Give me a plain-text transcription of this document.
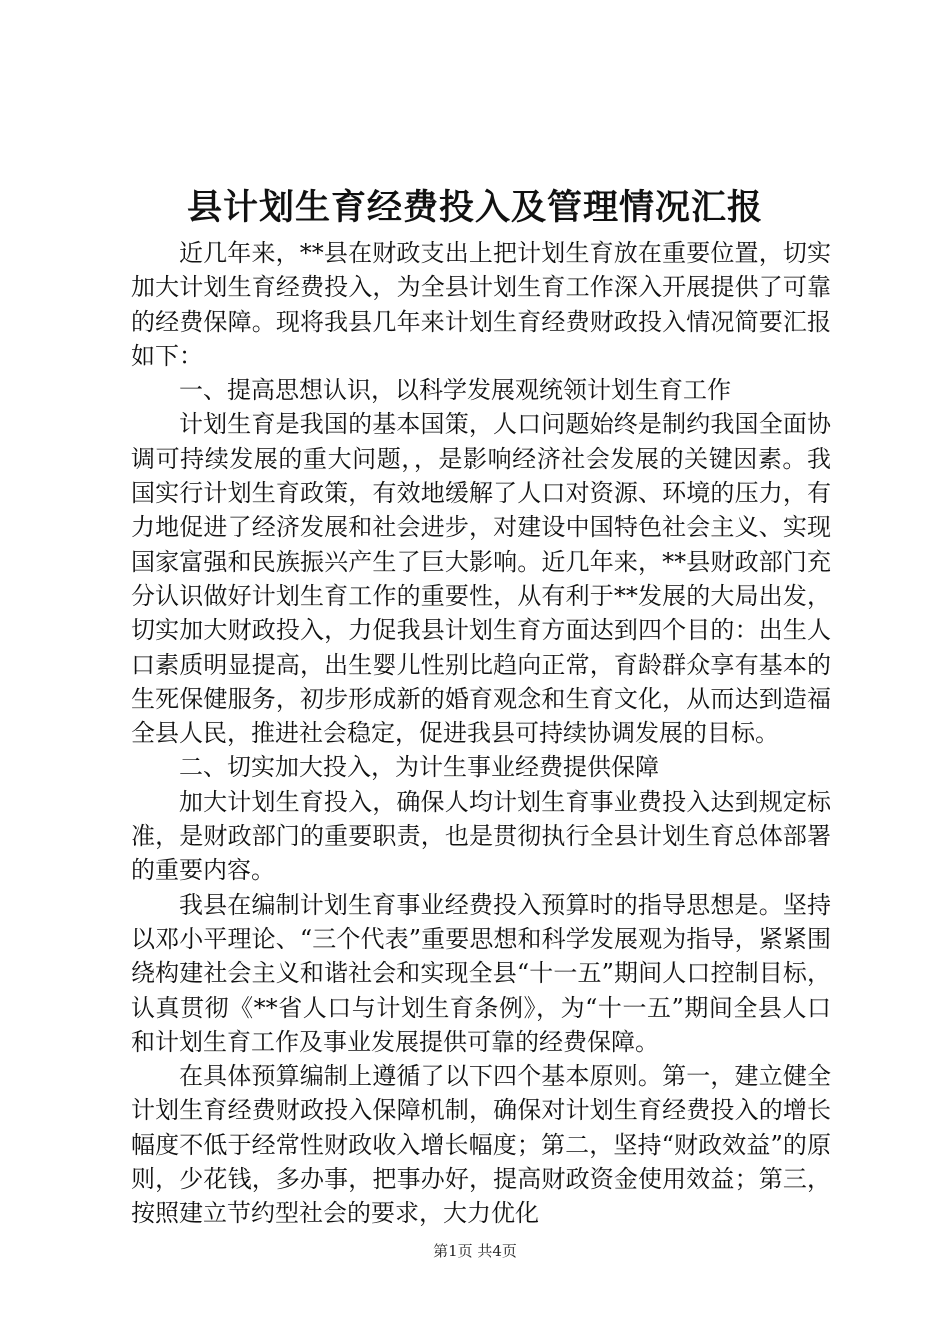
县计划生育经费投入及管理情况汇报

近几年来，**县在财政支出上把计划生育放在重要位置，切实加大计划生育经费投入，为全县计划生育工作深入开展提供了可靠的经费保障。现将我县几年来计划生育经费财政投入情况简要汇报如下：

一、提高思想认识，以科学发展观统领计划生育工作

计划生育是我国的基本国策，人口问题始终是制约我国全面协调可持续发展的重大问题，，是影响经济社会发展的关键因素。我国实行计划生育政策，有效地缓解了人口对资源、环境的压力，有力地促进了经济发展和社会进步，对建设中国特色社会主义、实现国家富强和民族振兴产生了巨大影响。近几年来，**县财政部门充分认识做好计划生育工作的重要性，从有利于**发展的大局出发，切实加大财政投入，力促我县计划生育方面达到四个目的：出生人口素质明显提高，出生婴儿性别比趋向正常，育龄群众享有基本的生死保健服务，初步形成新的婚育观念和生育文化，从而达到造福全县人民，推进社会稳定，促进我县可持续协调发展的目标。

二、切实加大投入，为计生事业经费提供保障

加大计划生育投入，确保人均计划生育事业费投入达到规定标准，是财政部门的重要职责，也是贯彻执行全县计划生育总体部署的重要内容。

我县在编制计划生育事业经费投入预算时的指导思想是。坚持以邓小平理论、“三个代表”重要思想和科学发展观为指导，紧紧围绕构建社会主义和谐社会和实现全县“十一五”期间人口控制目标，认真贯彻《**省人口与计划生育条例》，为“十一五”期间全县人口和计划生育工作及事业发展提供可靠的经费保障。

在具体预算编制上遵循了以下四个基本原则。第一，建立健全计划生育经费财政投入保障机制，确保对计划生育经费投入的增长幅度不低于经常性财政收入增长幅度；第二，坚持“财政效益”的原则，少花钱，多办事，把事办好，提高财政资金使用效益；第三，按照建立节约型社会的要求，大力优化

第1页 共4页
